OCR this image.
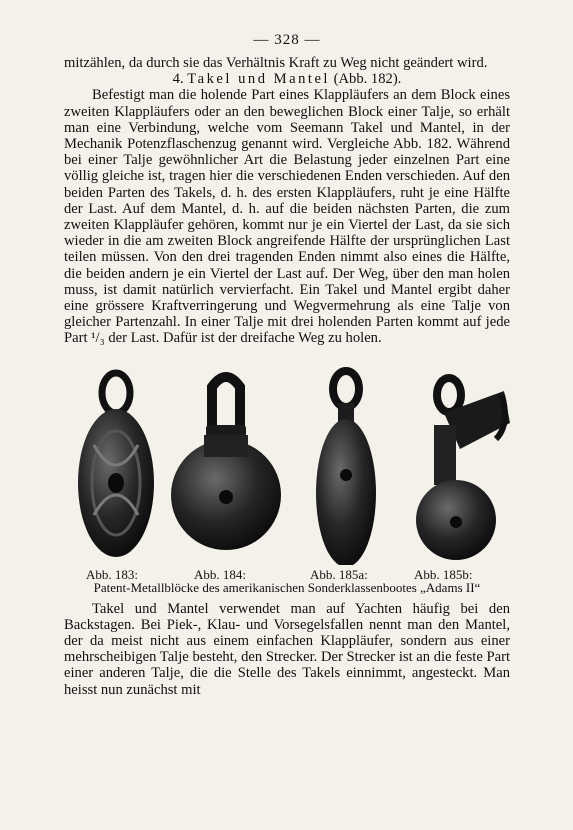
— 328 —

mitzählen, da durch sie das Verhältnis Kraft zu Weg nicht geändert wird.

4. Takel und Mantel (Abb. 182).

Befestigt man die holende Part eines Klappläufers an dem Block eines zweiten Klappläufers oder an den beweglichen Block einer Talje, so erhält man eine Verbindung, welche vom Seemann Takel und Mantel, in der Mechanik Potenzflaschenzug genannt wird. Vergleiche Abb. 182. Während bei einer Talje gewöhnlicher Art die Belastung jeder einzelnen Part eine völlig gleiche ist, tragen hier die verschiedenen Enden verschieden. Auf den beiden Parten des Takels, d. h. des ersten Klappläufers, ruht je eine Hälfte der Last. Auf dem Mantel, d. h. auf die beiden nächsten Parten, die zum zweiten Klappläufer gehören, kommt nur je ein Viertel der Last, da sie sich wieder in die am zweiten Block angreifende Hälfte der ursprünglichen Last teilen müssen. Von den drei tragenden Enden nimmt also eines die Hälfte, die beiden andern je ein Viertel der Last auf. Der Weg, über den man holen muss, ist damit natürlich vervierfacht. Ein Takel und Mantel ergibt daher eine grössere Kraftverringerung und Wegvermehrung als eine Talje von gleicher Partenzahl. In einer Talje mit drei holenden Parten kommt auf jede Part ¹/₃ der Last. Dafür ist der dreifache Weg zu holen.

Abb. 183:	Abb. 184:	Abb. 185a:	Abb. 185b:
Patent-Metallblöcke des amerikanischen Sonderklassenbootes „Adams II“

Takel und Mantel verwendet man auf Yachten häufig bei den Backstagen. Bei Piek-, Klau- und Vorsegelsfallen nennt man den Mantel, der da meist nicht aus einem einfachen Klappläufer, sondern aus einer mehrscheibigen Talje besteht, den Strecker. Der Strecker ist an die feste Part einer anderen Talje, die die Stelle des Takels einnimmt, angesteckt. Man heisst nun zunächst mit
